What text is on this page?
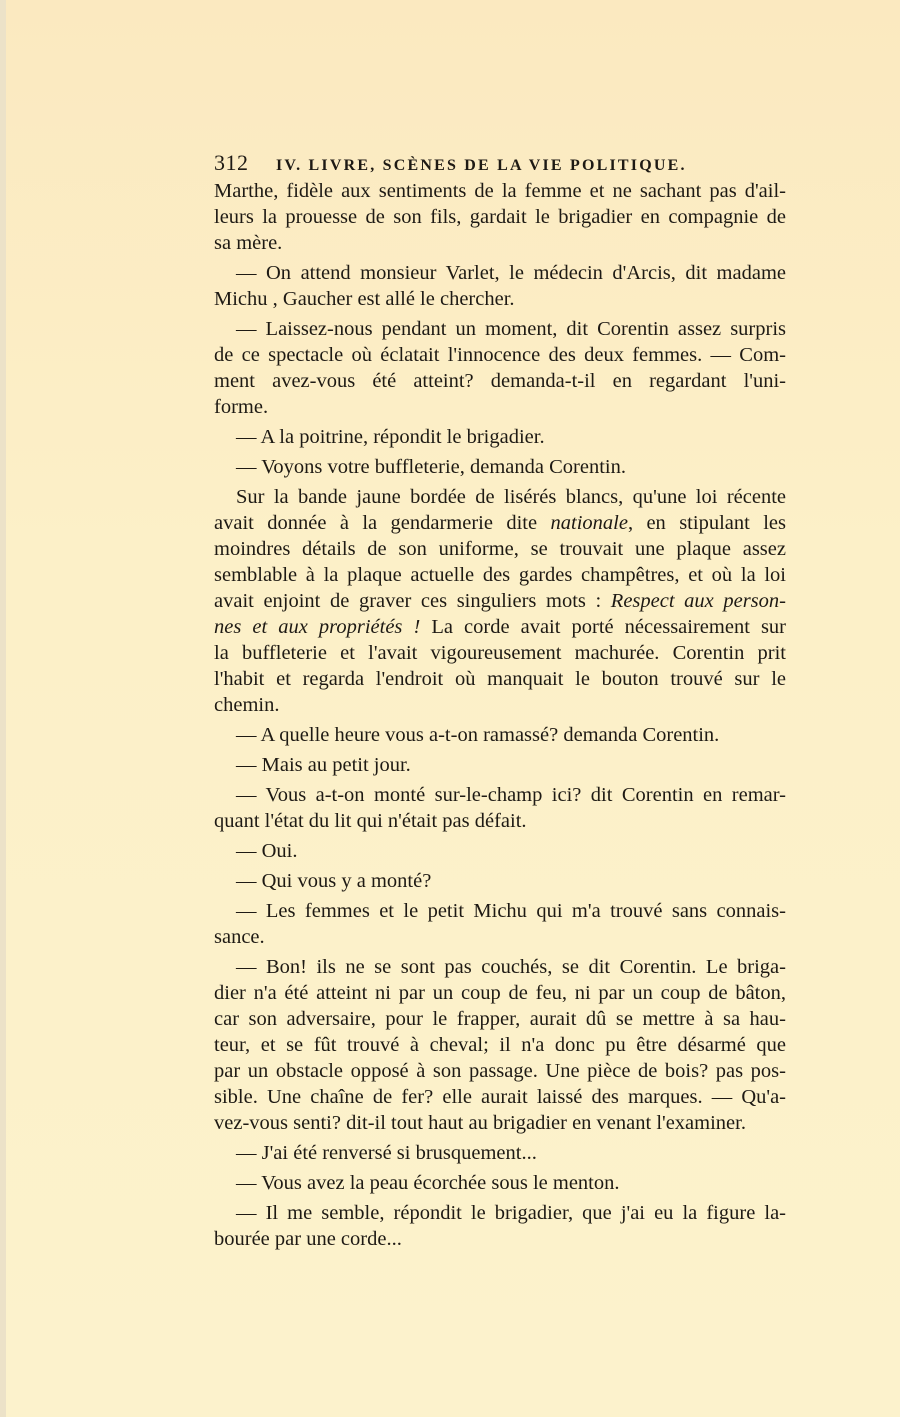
312	IV. LIVRE, SCÈNES DE LA VIE POLITIQUE.
Marthe, fidèle aux sentiments de la femme et ne sachant pas d'ail-
leurs la prouesse de son fils, gardait le brigadier en compagnie de
sa mère.
— On attend monsieur Varlet, le médecin d'Arcis, dit madame
Michu , Gaucher est allé le chercher.
— Laissez-nous pendant un moment, dit Corentin assez surpris
de ce spectacle où éclatait l'innocence des deux femmes. — Com-
ment avez-vous été atteint? demanda-t-il en regardant l'uni-
forme.
— A la poitrine, répondit le brigadier.
— Voyons votre buffleterie, demanda Corentin.
Sur la bande jaune bordée de lisérés blancs, qu'une loi récente
avait donnée à la gendarmerie dite nationale, en stipulant les
moindres détails de son uniforme, se trouvait une plaque assez
semblable à la plaque actuelle des gardes champêtres, et où la loi
avait enjoint de graver ces singuliers mots : Respect aux person-
nes et aux propriétés ! La corde avait porté nécessairement sur
la buffleterie et l'avait vigoureusement machurée. Corentin prit
l'habit et regarda l'endroit où manquait le bouton trouvé sur le
chemin.
— A quelle heure vous a-t-on ramassé? demanda Corentin.
— Mais au petit jour.
— Vous a-t-on monté sur-le-champ ici? dit Corentin en remar-
quant l'état du lit qui n'était pas défait.
— Oui.
— Qui vous y a monté?
— Les femmes et le petit Michu qui m'a trouvé sans connais-
sance.
— Bon! ils ne se sont pas couchés, se dit Corentin. Le briga-
dier n'a été atteint ni par un coup de feu, ni par un coup de bâton,
car son adversaire, pour le frapper, aurait dû se mettre à sa hau-
teur, et se fût trouvé à cheval; il n'a donc pu être désarmé que
par un obstacle opposé à son passage. Une pièce de bois? pas pos-
sible. Une chaîne de fer? elle aurait laissé des marques. — Qu'a-
vez-vous senti? dit-il tout haut au brigadier en venant l'examiner.
— J'ai été renversé si brusquement...
— Vous avez la peau écorchée sous le menton.
— Il me semble, répondit le brigadier, que j'ai eu la figure la-
bourée par une corde...
